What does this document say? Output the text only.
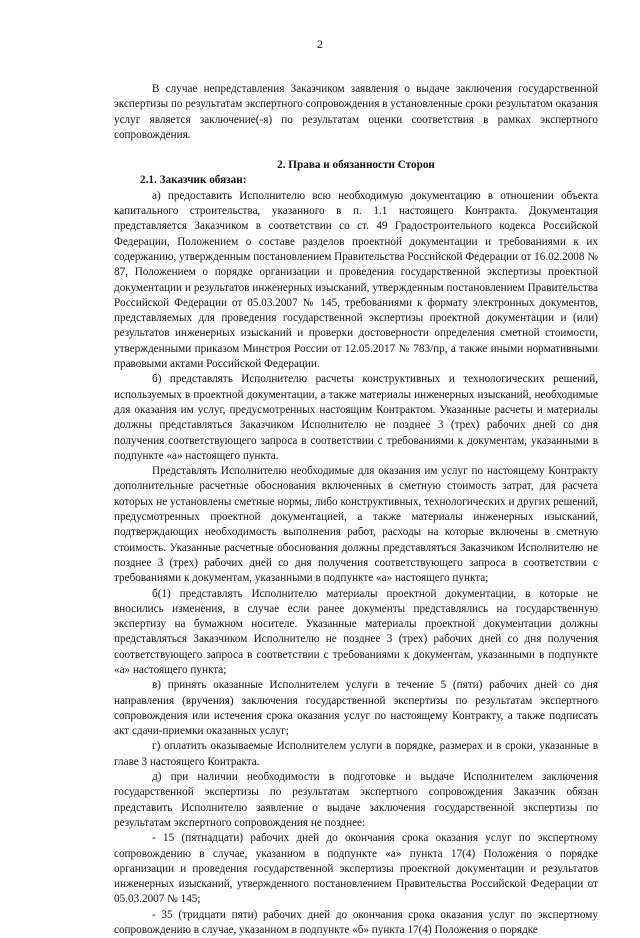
2

В случае непредставления Заказчиком заявления о выдаче заключения государственной экспертизы по результатам экспертного сопровождения в установленные сроки результатом оказания услуг является заключение(-я) по результатам оценки соответствия в рамках экспертного сопровождения.

2. Права и обязанности Сторон

2.1. Заказчик обязан:

а) предоставить Исполнителю всю необходимую документацию в отношении объекта капитального строительства, указанного в п. 1.1 настоящего Контракта. Документация представляется Заказчиком в соответствии со ст. 49 Градостроительного кодекса Российской Федерации, Положением о составе разделов проектной документации и требованиями к их содержанию, утвержденным постановлением Правительства Российской Федерации от 16.02.2008 № 87, Положением о порядке организации и проведения государственной экспертизы проектной документации и результатов инженерных изысканий, утвержденным постановлением Правительства Российской Федерации от 05.03.2007 № 145, требованиями к формату электронных документов, представляемых для проведения государственной экспертизы проектной документации и (или) результатов инженерных изысканий и проверки достоверности определения сметной стоимости, утвержденными приказом Минстроя России от 12.05.2017 № 783/пр, а также иными нормативными правовыми актами Российской Федерации.

б) представлять Исполнителю расчеты конструктивных и технологических решений, используемых в проектной документации, а также материалы инженерных изысканий, необходимые для оказания им услуг, предусмотренных настоящим Контрактом. Указанные расчеты и материалы должны представляться Заказчиком Исполнителю не позднее 3 (трех) рабочих дней со дня получения соответствующего запроса в соответствии с требованиями к документам, указанными в подпункте «а» настоящего пункта.

Представлять Исполнителю необходимые для оказания им услуг по настоящему Контракту дополнительные расчетные обоснования включенных в сметную стоимость затрат, для расчета которых не установлены сметные нормы, либо конструктивных, технологических и других решений, предусмотренных проектной документацией, а также материалы инженерных изысканий, подтверждающих необходимость выполнения работ, расходы на которые включены в сметную стоимость. Указанные расчетные обоснования должны представляться Заказчиком Исполнителю не позднее 3 (трех) рабочих дней со дня получения соответствующего запроса в соответствии с требованиями к документам, указанными в подпункте «а» настоящего пункта;

б(1) представлять Исполнителю материалы проектной документации, в которые не вносились изменения, в случае если ранее документы представлялись на государственную экспертизу на бумажном носителе. Указанные материалы проектной документации должны представляться Заказчиком Исполнителю не позднее 3 (трех) рабочих дней со дня получения соответствующего запроса в соответствии с требованиями к документам, указанными в подпункте «а» настоящего пункта;

в) принять оказанные Исполнителем услуги в течение 5 (пяти) рабочих дней со дня направления (вручения) заключения государственной экспертизы по результатам экспертного сопровождения или истечения срока оказания услуг по настоящему Контракту, а также подписать акт сдачи-приемки оказанных услуг;

г) оплатить оказываемые Исполнителем услуги в порядке, размерах и в сроки, указанные в главе 3 настоящего Контракта.

д) при наличии необходимости в подготовке и выдаче Исполнителем заключения государственной экспертизы по результатам экспертного сопровождения Заказчик обязан представить Исполнителю заявление о выдаче заключения государственной экспертизы по результатам экспертного сопровождения не позднее:

- 15 (пятнадцати) рабочих дней до окончания срока оказания услуг по экспертному сопровождению в случае, указанном в подпункте «а» пункта 17(4) Положения о порядке организации и проведения государственной экспертизы проектной документации и результатов инженерных изысканий, утвержденного постановлением Правительства Российской Федерации от 05.03.2007 № 145;

- 35 (тридцати пяти) рабочих дней до окончания срока оказания услуг по экспертному сопровождению в случае, указанном в подпункте «б» пункта 17(4) Положения о порядке
